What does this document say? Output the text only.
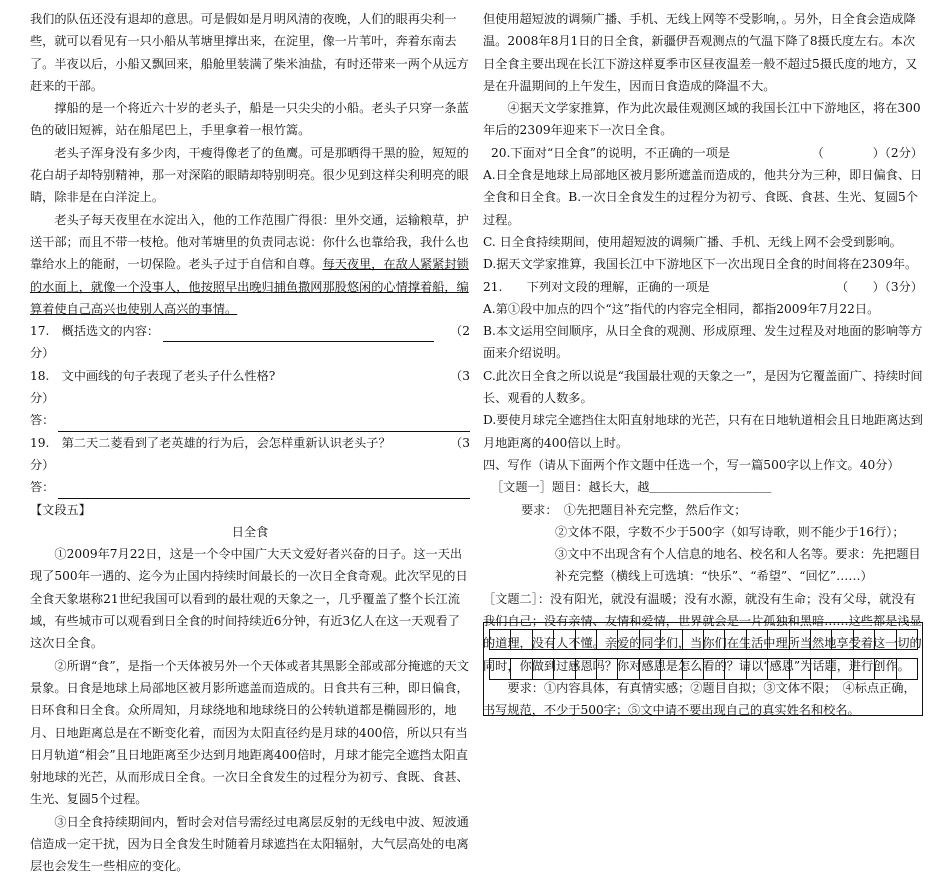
我们的队伍还没有退却的意思。可是假如是月明风清的夜晚，人们的眼再尖利一些，就可以看见有一只小船从苇塘里撑出来，在淀里，像一片苇叶，奔着东南去了。半夜以后，小船又飘回来，船舱里装满了柴米油盐，有时还带来一两个从远方赶来的干部。

撑船的是一个将近六十岁的老头子，船是一只尖尖的小船。老头子只穿一条蓝色的破旧短裤，站在船尾巴上，手里拿着一根竹篙。

老头子浑身没有多少肉，干瘦得像老了的鱼鹰。可是那晒得干黑的脸，短短的花白胡子却特别精神，那一对深陷的眼睛却特别明亮。很少见到这样尖利明亮的眼睛，除非是在白洋淀上。

老头子每天夜里在水淀出入，他的工作范围广得很：里外交通，运输粮草，护送干部；而且不带一枝枪。他对苇塘里的负责同志说：你什么也靠给我，我什么也靠给水上的能耐，一切保险。老头子过于自信和自尊。每天夜里，在敌人紧紧封锁的水面上，就像一个没事人，他按照早出晚归捕鱼撒网那股悠闲的心情撑着船，编算着使自己高兴也使别人高兴的事情。

17.　概括选文的内容：	（2

分）

18.　文中画线的句子表现了老头子什么性格?	（3

分）

答：

19.　第二天二菱看到了老英雄的行为后，会怎样重新认识老头子？	（3

分）

答：

【文段五】

日全食

①2009年7月22日，这是一个令中国广大天文爱好者兴奋的日子。这一天出现了500年一遇的、迄今为止国内持续时间最长的一次日全食奇观。此次罕见的日全食天象堪称21世纪我国可以看到的最壮观的天象之一，几乎覆盖了整个长江流域，有些城市可以观看到日全食的时间持续近6分钟，有近3亿人在这一天观看了这次日全食。

②所谓“食”，是指一个天体被另外一个天体或者其黑影全部或部分掩遮的天文景象。日食是地球上局部地区被月影所遮盖而造成的。日食共有三种，即日偏食，日环食和日全食。众所周知，月球绕地和地球绕日的公转轨道都是椭圆形的，地月、日地距离总是在不断变化着，而因为太阳直径约是月球的400倍，所以只有当日月轨道“相会”且日地距离至少达到月地距离400倍时，月球才能完全遮挡太阳直射地球的光芒，从而形成日全食。一次日全食发生的过程分为初亏、食既、食甚、生光、复圆5个过程。

③日全食持续期间内，暂时会对信号需经过电离层反射的无线电中波、短波通信造成一定干扰，因为日全食发生时随着月球遮挡在太阳辐射，大气层高处的电离层也会发生一些相应的变化。

但使用超短波的调频广播、手机、无线上网等不受影响，。另外，日全食会造成降温。2008年8月1日的日全食，新疆伊吾观测点的气温下降了8摄氏度左右。本次日全食主要出现在长江下游这样夏季市区昼夜温差一般不超过5摄氏度的地方，又是在升温期间的上午发生，因而日食造成的降温不大。

④据天文学家推算，作为此次最佳观测区域的我国长江中下游地区，将在300年后的2309年迎来下一次日全食。

20.下面对“日全食”的说明，不正确的一项是	（　　　　）（2分）

A.日全食是地球上局部地区被月影所遮盖而造成的，他共分为三种，即日偏食、日全食和日全食。B.一次日全食发生的过程分为初亏、食既、食甚、生光、复圆5个过程。

C. 日全食持续期间，使用超短波的调频广播、手机、无线上网不会受到影响。

D.据天文学家推算，我国长江中下游地区下一次出现日全食的时间将在2309年。

21.　　下列对文段的理解，正确的一项是	（　　）（3分）

A.第①段中加点的四个“这”指代的内容完全相同，都指2009年7月22日。

B.本文运用空间顺序，从日全食的观测、形成原理、发生过程及对地面的影响等方面来介绍说明。

C.此次日全食之所以说是“我国最壮观的天象之一”，是因为它覆盖面广、持续时间长、观看的人数多。

D.要使月球完全遮挡住太阳直射地球的光芒，只有在日地轨道相会且日地距离达到月地距离的400倍以上时。

四、写作（请从下面两个作文题中任选一个，写一篇500字以上作文。40分）

［文题一］题目：越长大，越＿＿＿＿＿＿＿＿＿＿

要求：　①先把题目补充完整，然后作文；

②文体不限，字数不少于500字（如写诗歌，则不能少于16行）；

③文中不出现含有个人信息的地名、校名和人名等。要求：先把题目补充完整（横线上可选填：“快乐”、“希望”、“回忆”……）

［文题二］：没有阳光，就没有温暖；没有水源，就没有生命；没有父母，就没有我们自己；没有亲情、友情和爱情，世界就会是一片孤独和黑暗……这些都是浅显的道理，没有人不懂。亲爱的同学们，当你们在生活中理所当然地享受着这一切的同时，你做到过感恩吗？你对感恩是怎么看的？请以“感恩”为话题，进行创作。

要求：①内容具体，有真情实感；②题目自拟；③文体不限；　④标点正确，书写规范，不少于500字；⑤文中请不要出现自己的真实姓名和校名。
